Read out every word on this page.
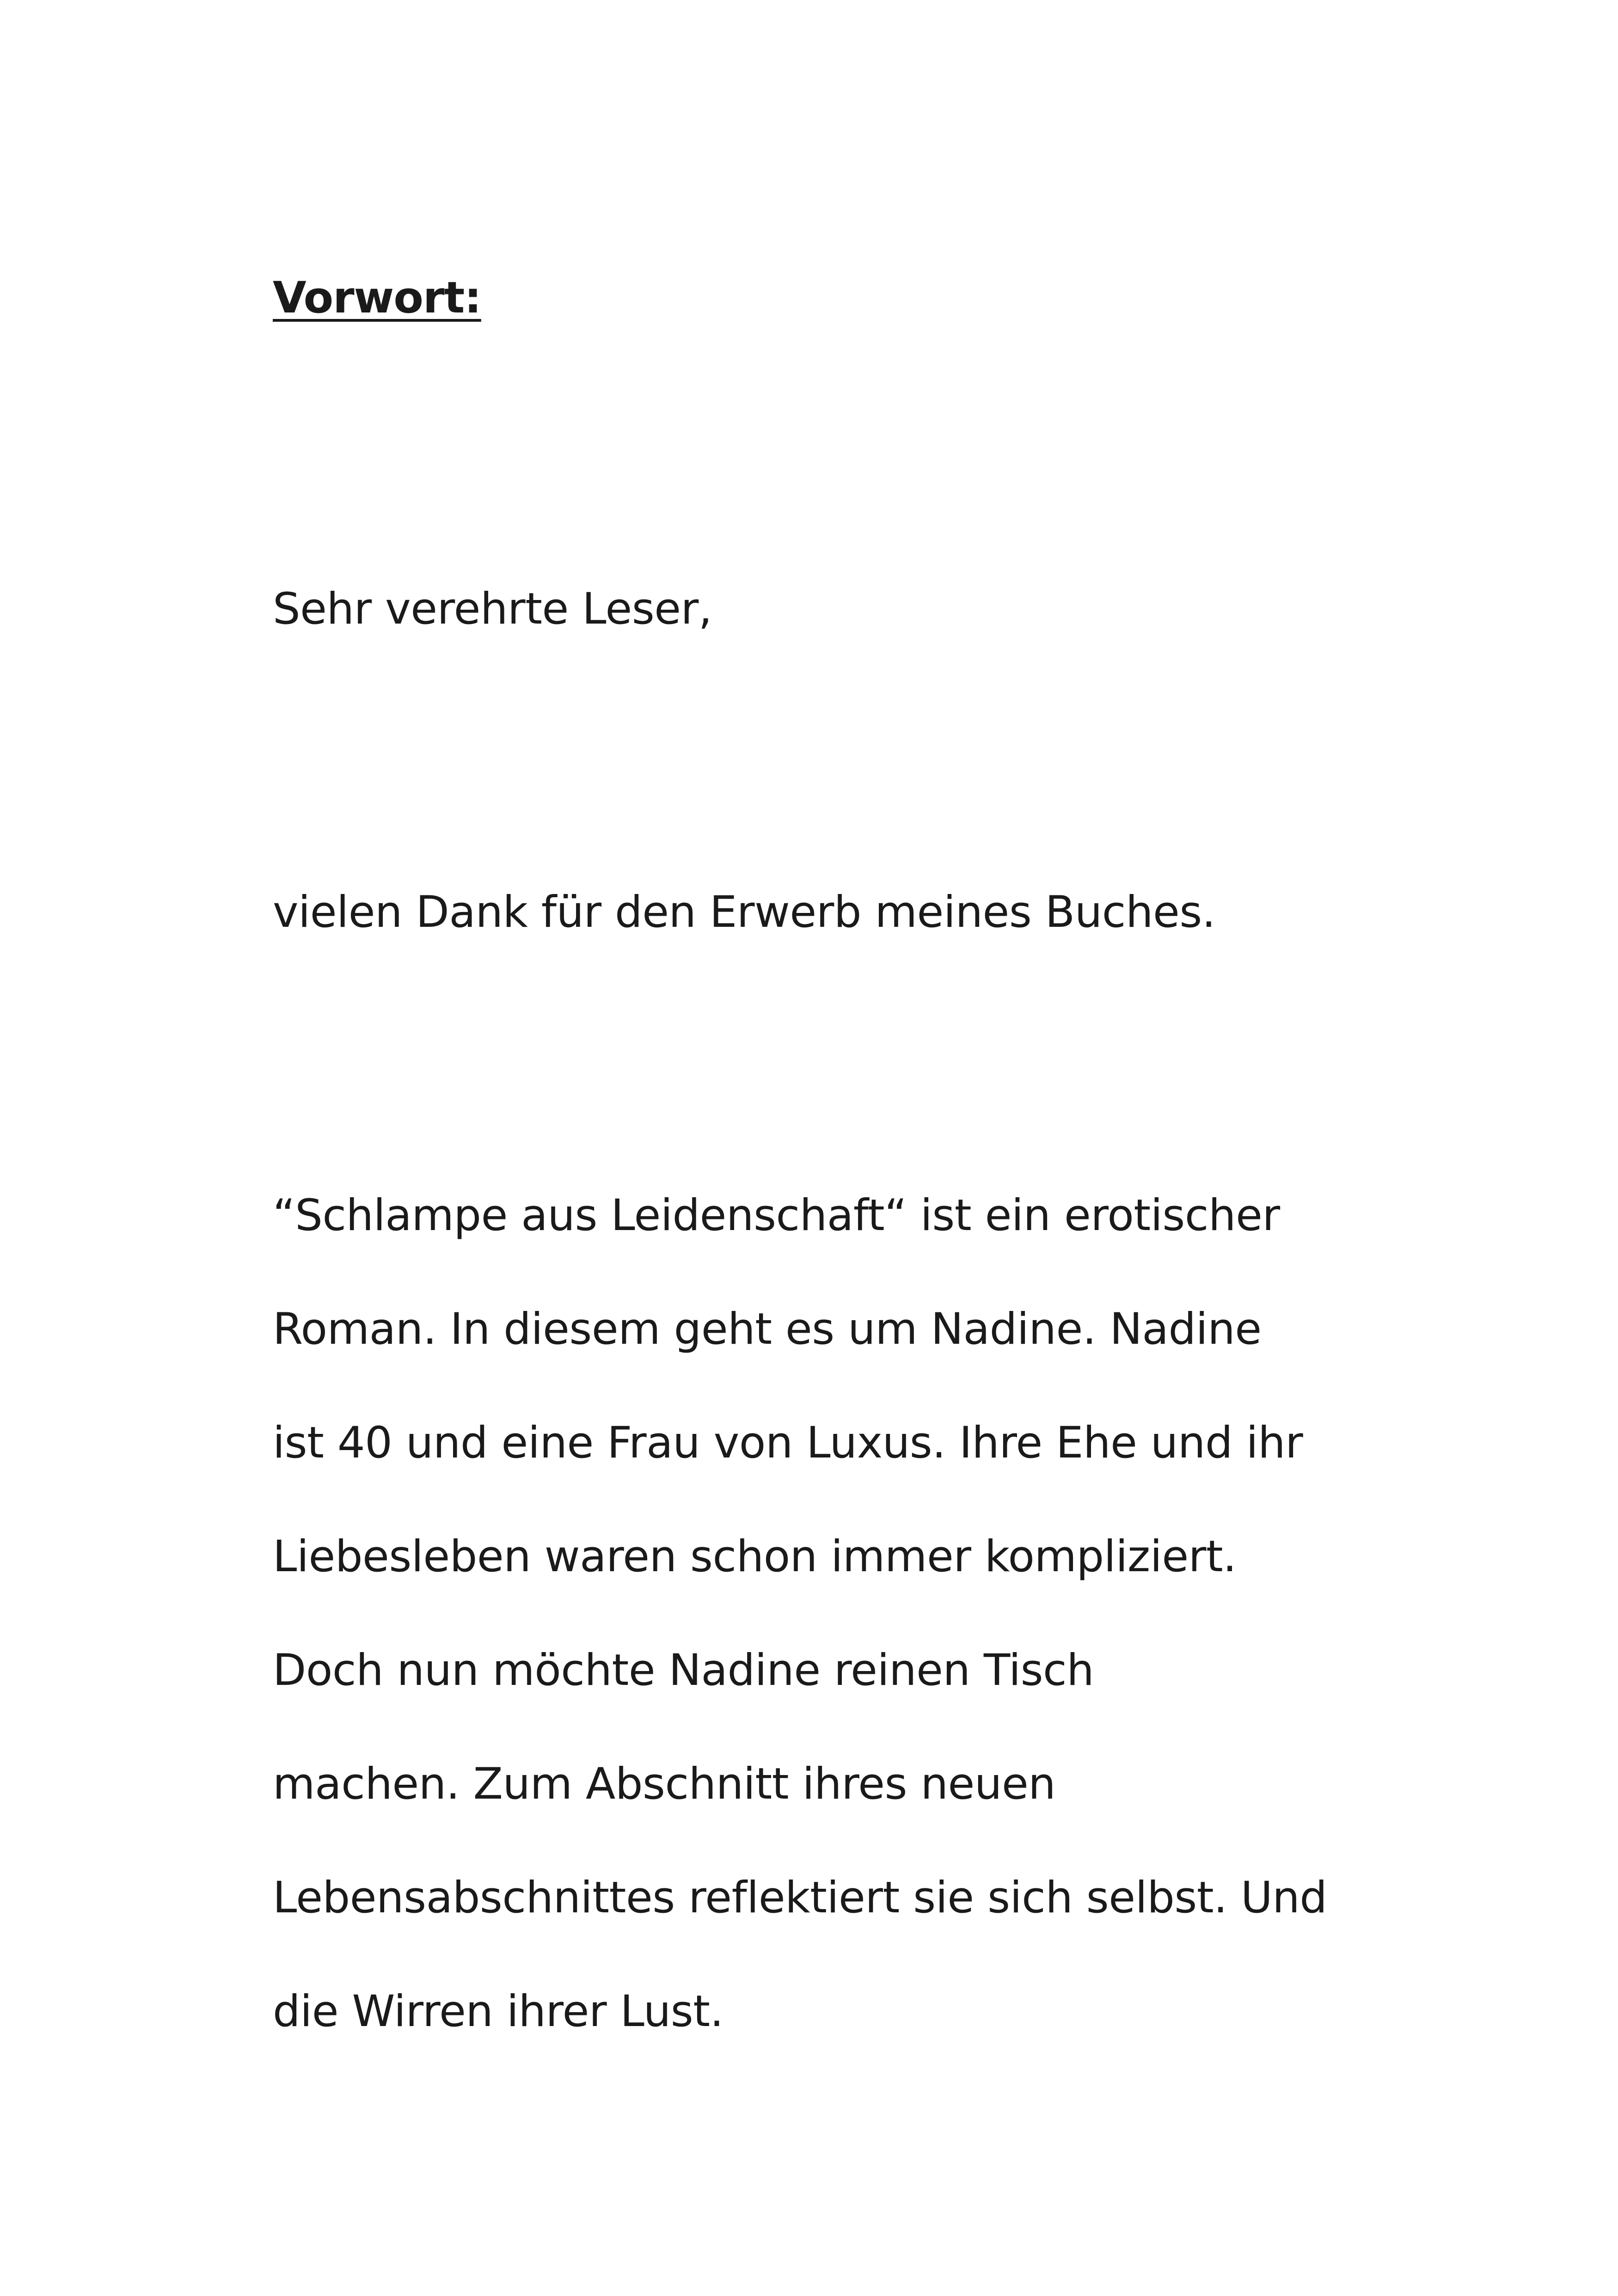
Vorwort:

Sehr verehrte Leser,

vielen Dank für den Erwerb meines Buches.

“Schlampe aus Leidenschaft“ ist ein erotischer
Roman. In diesem geht es um Nadine. Nadine
ist 40 und eine Frau von Luxus. Ihre Ehe und ihr
Liebesleben waren schon immer kompliziert.
Doch nun möchte Nadine reinen Tisch
machen. Zum Abschnitt ihres neuen
Lebensabschnittes reflektiert sie sich selbst. Und
die Wirren ihrer Lust.
